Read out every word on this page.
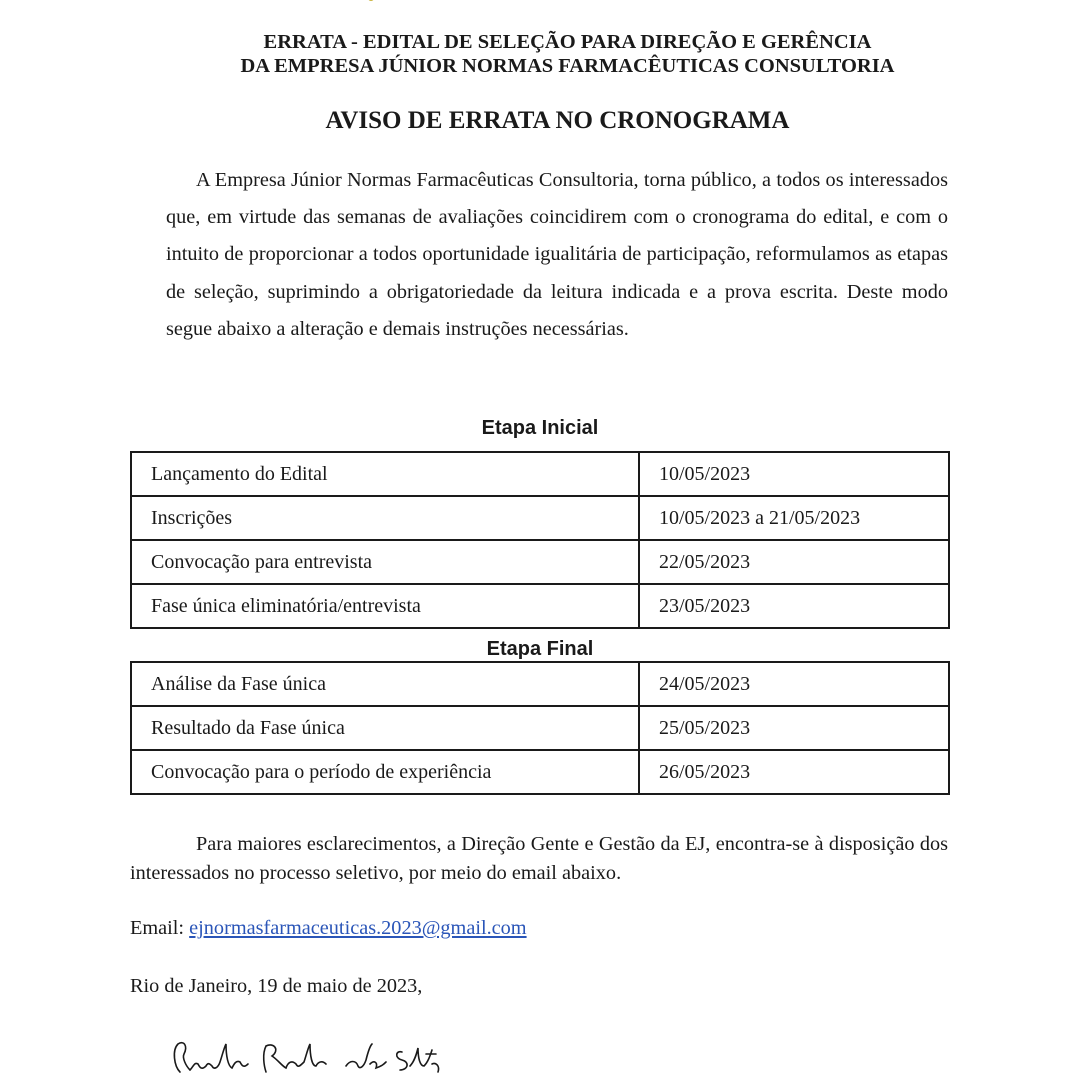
ERRATA - EDITAL DE SELEÇÃO PARA DIREÇÃO E GERÊNCIA
DA EMPRESA JÚNIOR NORMAS FARMACÊUTICAS CONSULTORIA
AVISO DE ERRATA NO CRONOGRAMA

A Empresa Júnior Normas Farmacêuticas Consultoria, torna público, a todos os interessados que, em virtude das semanas de avaliações coincidirem com o cronograma do edital, e com o intuito de proporcionar a todos oportunidade igualitária de participação, reformulamos as etapas de seleção, suprimindo a obrigatoriedade da leitura indicada e a prova escrita. Deste modo segue abaixo a alteração e demais instruções necessárias.

Etapa Inicial
Lançamento do Edital	10/05/2023
Inscrições	10/05/2023 a 21/05/2023
Convocação para entrevista	22/05/2023
Fase única eliminatória/entrevista	23/05/2023
Etapa Final
Análise da Fase única	24/05/2023
Resultado da Fase única	25/05/2023
Convocação para o período de experiência	26/05/2023

Para maiores esclarecimentos, a Direção Gente e Gestão da EJ, encontra-se à disposição dos interessados no processo seletivo, por meio do email abaixo.

Email: ejnormasfarmaceuticas.2023@gmail.com
Rio de Janeiro, 19 de maio de 2023,
